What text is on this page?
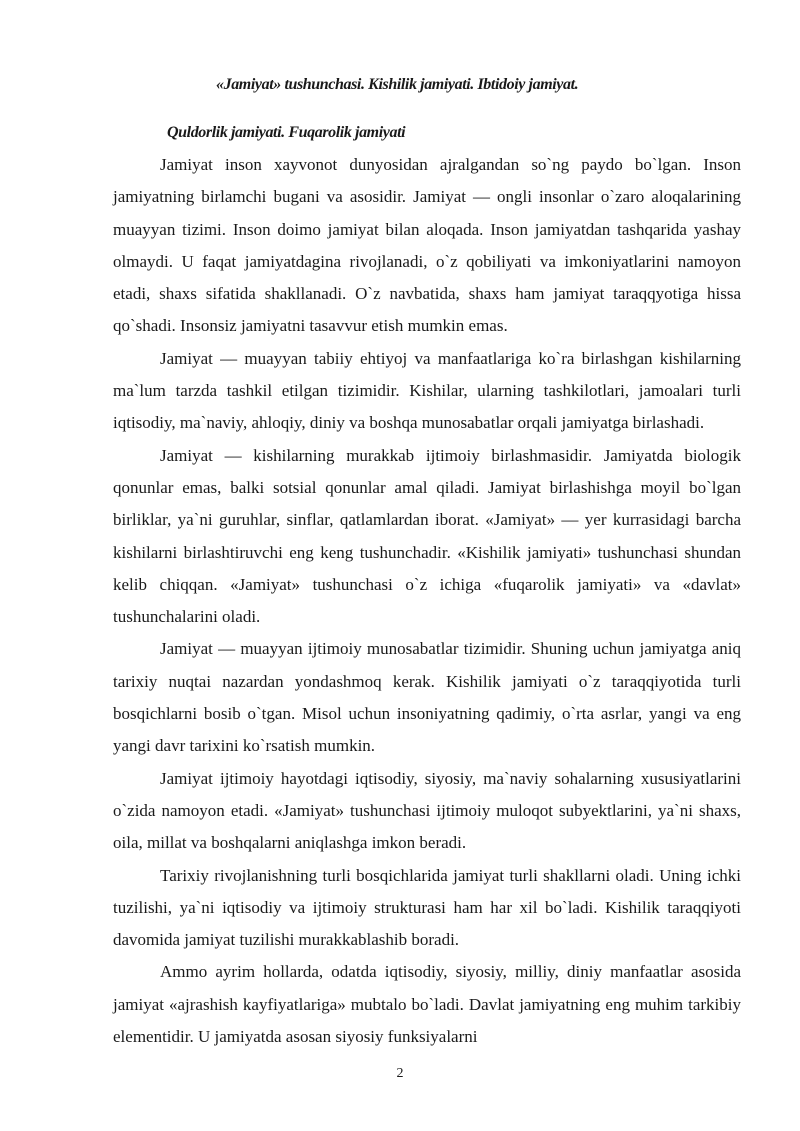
«Jamiyat» tushunchasi. Kishilik jamiyati. Ibtidoiy jamiyat.
Quldorlik jamiyati. Fuqarolik jamiyati

Jamiyat inson xayvonot dunyosidan ajralgandan so`ng paydo bo`lgan. Inson jamiyatning birlamchi bugani va asosidir. Jamiyat — ongli insonlar o`zaro aloqalarining muayyan tizimi. Inson doimo jamiyat bilan aloqada. Inson jamiyatdan tashqarida yashay olmaydi. U faqat jamiyatdagina rivojlanadi, o`z qobiliyati va imkoniyatlarini namoyon etadi, shaxs sifatida shakllanadi. O`z navbatida, shaxs ham jamiyat taraqqyotiga hissa qo`shadi. Insonsiz jamiyatni tasavvur etish mumkin emas.

Jamiyat — muayyan tabiiy ehtiyoj va manfaatlariga ko`ra birlashgan kishilarning ma`lum tarzda tashkil etilgan tizimidir. Kishilar, ularning tashkilotlari, jamoalari turli iqtisodiy, ma`naviy, ahloqiy, diniy va boshqa munosabatlar orqali jamiyatga birlashadi.

Jamiyat — kishilarning murakkab ijtimoiy birlashmasidir. Jamiyatda biologik qonunlar emas, balki sotsial qonunlar amal qiladi. Jamiyat birlashishga moyil bo`lgan birliklar, ya`ni guruhlar, sinflar, qatlamlardan iborat. «Jamiyat» — yer kurrasidagi barcha kishilarni birlashtiruvchi eng keng tushunchadir. «Kishilik jamiyati» tushunchasi shundan kelib chiqqan. «Jamiyat» tushunchasi o`z ichiga «fuqarolik jamiyati» va «davlat» tushunchalarini oladi.

Jamiyat — muayyan ijtimoiy munosabatlar tizimidir. Shuning uchun jamiyatga aniq tarixiy nuqtai nazardan yondashmoq kerak. Kishilik jamiyati o`z taraqqiyotida turli bosqichlarni bosib o`tgan. Misol uchun insoniyatning qadimiy, o`rta asrlar, yangi va eng yangi davr tarixini ko`rsatish mumkin.

Jamiyat ijtimoiy hayotdagi iqtisodiy, siyosiy, ma`naviy sohalarning xususiyatlarini o`zida namoyon etadi. «Jamiyat» tushunchasi ijtimoiy muloqot subyektlarini, ya`ni shaxs, oila, millat va boshqalarni aniqlashga imkon beradi.

Tarixiy rivojlanishning turli bosqichlarida jamiyat turli shakllarni oladi. Uning ichki tuzilishi, ya`ni iqtisodiy va ijtimoiy strukturasi ham har xil bo`ladi. Kishilik taraqqiyoti davomida jamiyat tuzilishi murakkablashib boradi.

Ammo ayrim hollarda, odatda iqtisodiy, siyosiy, milliy, diniy manfaatlar asosida jamiyat «ajrashish kayfiyatlariga» mubtalo bo`ladi. Davlat jamiyatning eng muhim tarkibiy elementidir. U jamiyatda asosan siyosiy funksiyalarni

2
